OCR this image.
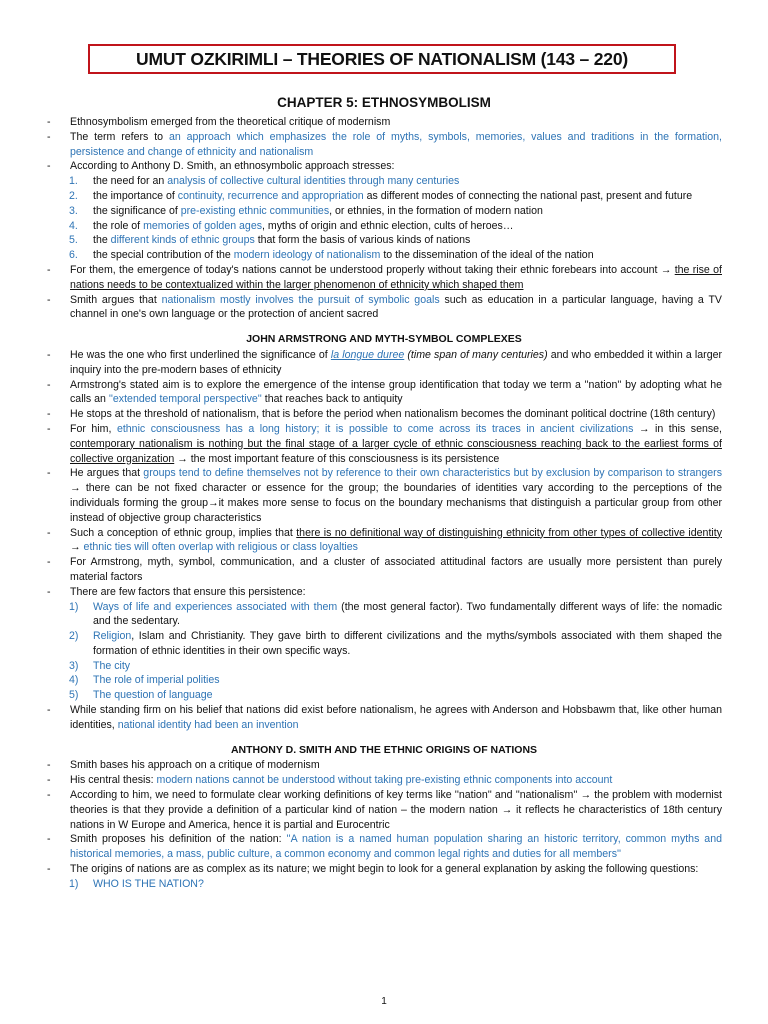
UMUT OZKIRIMLI – THEORIES OF NATIONALISM (143 – 220)
CHAPTER 5: ETHNOSYMBOLISM
-	Ethnosymbolism emerged from the theoretical critique of modernism
-	The term refers to an approach which emphasizes the role of myths, symbols, memories, values and traditions in the formation, persistence and change of ethnicity and nationalism
-	According to Anthony D. Smith, an ethnosymbolic approach stresses:
1.	the need for an analysis of collective cultural identities through many centuries
2.	the importance of continuity, recurrence and appropriation as different modes of connecting the national past, present and future
3.	the significance of pre-existing ethnic communities, or ethnies, in the formation of modern nation
4.	the role of memories of golden ages, myths of origin and ethnic election, cults of heroes…
5.	the different kinds of ethnic groups that form the basis of various kinds of nations
6.	the special contribution of the modern ideology of nationalism to the dissemination of the ideal of the nation
-	For them, the emergence of today's nations cannot be understood properly without taking their ethnic forebears into account → the rise of nations needs to be contextualized within the larger phenomenon of ethnicity which shaped them
-	Smith argues that nationalism mostly involves the pursuit of symbolic goals such as education in a particular language, having a TV channel in one's own language or the protection of ancient sacred
JOHN ARMSTRONG AND MYTH-SYMBOL COMPLEXES
-	He was the one who first underlined the significance of la longue duree (time span of many centuries) and who embedded it within a larger inquiry into the pre-modern bases of ethnicity
-	Armstrong's stated aim is to explore the emergence of the intense group identification that today we term a ''nation'' by adopting what he calls an ''extended temporal perspective'' that reaches back to antiquity
-	He stops at the threshold of nationalism, that is before the period when nationalism becomes the dominant political doctrine (18th century)
-	For him, ethnic consciousness has a long history; it is possible to come across its traces in ancient civilizations → in this sense, contemporary nationalism is nothing but the final stage of a larger cycle of ethnic consciousness reaching back to the earliest forms of collective organization → the most important feature of this consciousness is its persistence
-	He argues that groups tend to define themselves not by reference to their own characteristics but by exclusion by comparison to strangers → there can be not fixed character or essence for the group; the boundaries of identities vary according to the perceptions of the individuals forming the group→it makes more sense to focus on the boundary mechanisms that distinguish a particular group from other instead of objective group characteristics
-	Such a conception of ethnic group, implies that there is no definitional way of distinguishing ethnicity from other types of collective identity → ethnic ties will often overlap with religious or class loyalties
-	For Armstrong, myth, symbol, communication, and a cluster of associated attitudinal factors are usually more persistent than purely material factors
-	There are few factors that ensure this persistence:
1)	Ways of life and experiences associated with them (the most general factor). Two fundamentally different ways of life: the nomadic and the sedentary.
2)	Religion, Islam and Christianity. They gave birth to different civilizations and the myths/symbols associated with them shaped the formation of ethnic identities in their own specific ways.
3)	The city
4)	The role of imperial polities
5)	The question of language
-	While standing firm on his belief that nations did exist before nationalism, he agrees with Anderson and Hobsbawm that, like other human identities, national identity had been an invention
ANTHONY D. SMITH AND THE ETHNIC ORIGINS OF NATIONS
-	Smith bases his approach on a critique of modernism
-	His central thesis: modern nations cannot be understood without taking pre-existing ethnic components into account
-	According to him, we need to formulate clear working definitions of key terms like ''nation'' and ''nationalism'' → the problem with modernist theories is that they provide a definition of a particular kind of nation – the modern nation → it reflects he characteristics of 18th century nations in W Europe and America, hence it is partial and Eurocentric
-	Smith proposes his definition of the nation: ''A nation is a named human population sharing an historic territory, common myths and historical memories, a mass, public culture, a common economy and common legal rights and duties for all members''
-	The origins of nations are as complex as its nature; we might begin to look for a general explanation by asking the following questions:
1)	WHO IS THE NATION?
1
